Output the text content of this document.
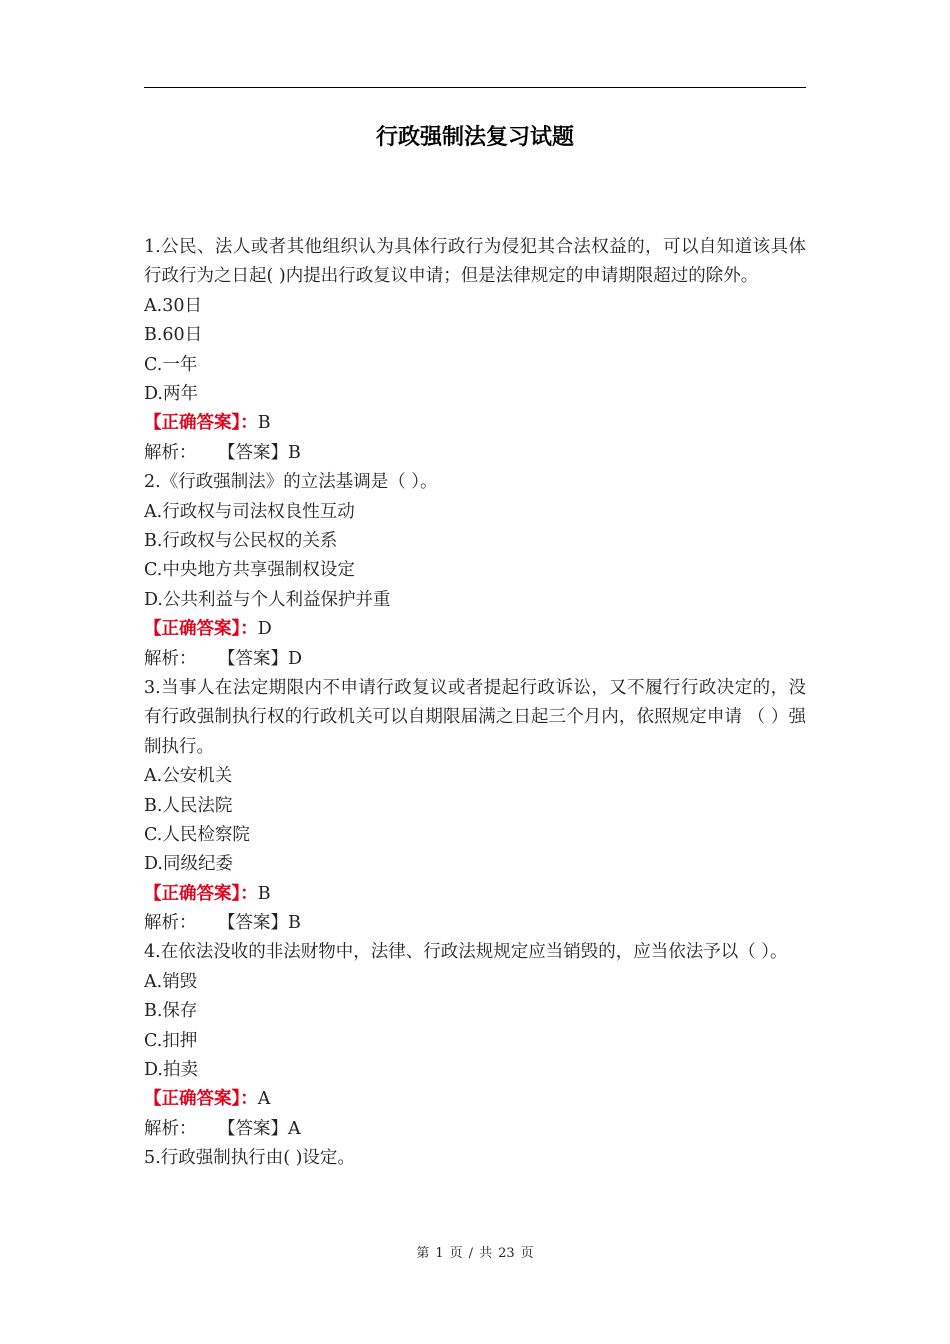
行政强制法复习试题
1.公民、法人或者其他组织认为具体行政行为侵犯其合法权益的，可以自知道该具体行政行为之日起( )内提出行政复议申请；但是法律规定的申请期限超过的除外。
A.30日
B.60日
C.一年
D.两年
【正确答案】：B
解析： 【答案】B
2.《行政强制法》的立法基调是（ ）。
A.行政权与司法权良性互动
B.行政权与公民权的关系
C.中央地方共享强制权设定
D.公共利益与个人利益保护并重
【正确答案】：D
解析： 【答案】D
3.当事人在法定期限内不申请行政复议或者提起行政诉讼，又不履行行政决定的，没有行政强制执行权的行政机关可以自期限届满之日起三个月内，依照规定申请 （ ）强制执行。
A.公安机关
B.人民法院
C.人民检察院
D.同级纪委
【正确答案】：B
解析： 【答案】B
4.在依法没收的非法财物中，法律、行政法规规定应当销毁的，应当依法予以（ ）。
A.销毁
B.保存
C.扣押
D.拍卖
【正确答案】：A
解析： 【答案】A
5.行政强制执行由( )设定。
第 1 页 / 共 23 页
